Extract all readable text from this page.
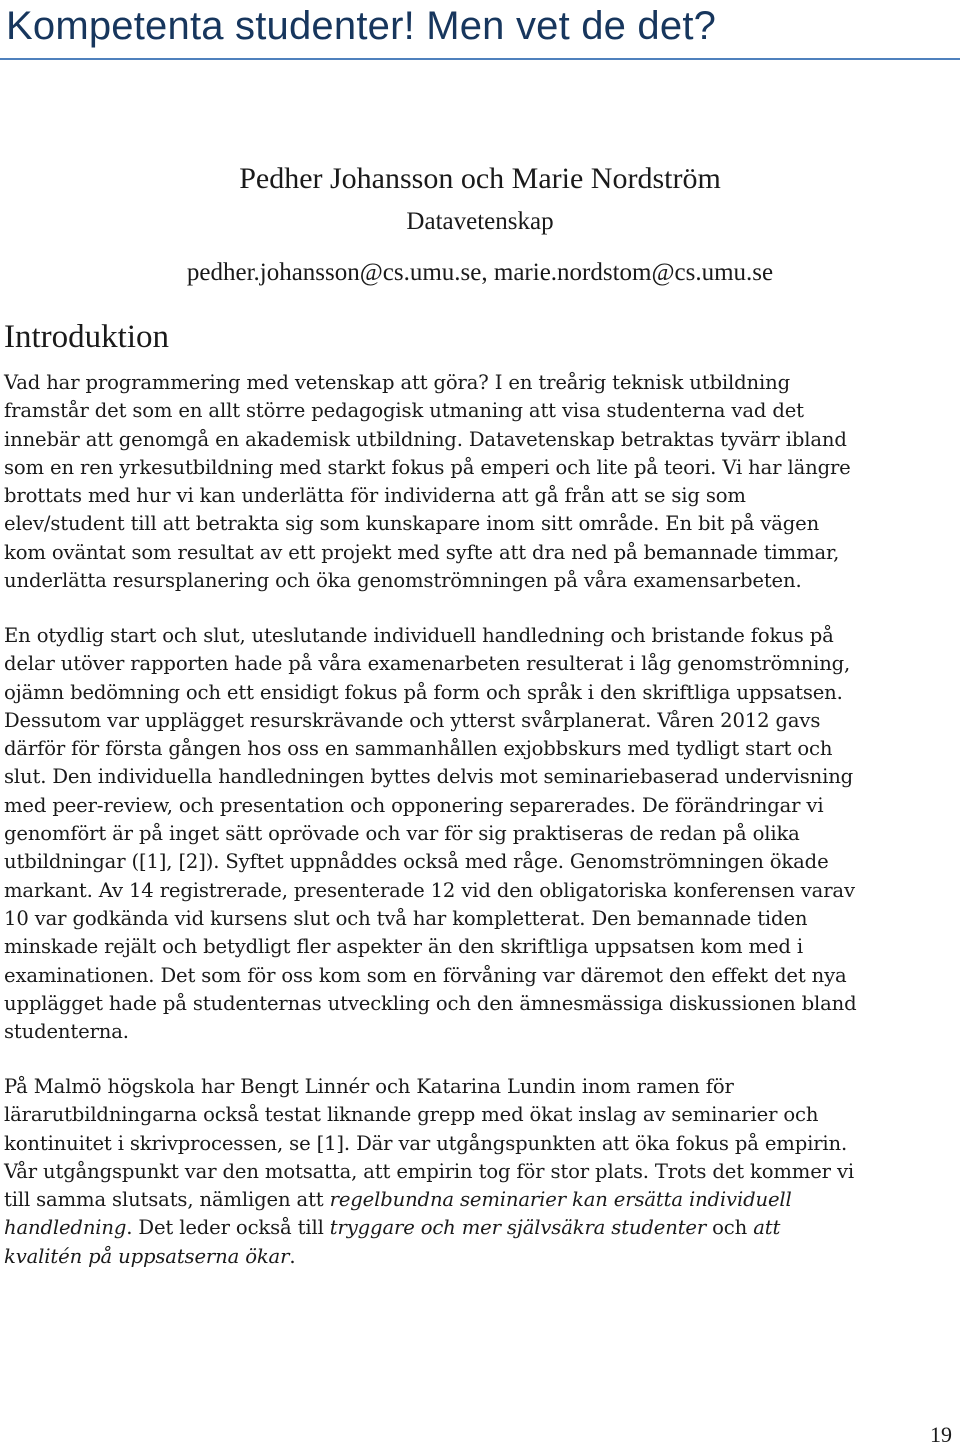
Kompetenta studenter! Men vet de det?

Pedher Johansson och Marie Nordström

Datavetenskap

pedher.johansson@cs.umu.se, marie.nordstom@cs.umu.se

Introduktion
Vad har programmering med vetenskap att göra? I en treårig teknisk utbildning
framstår det som en allt större pedagogisk utmaning att visa studenterna vad det
innebär att genomgå en akademisk utbildning. Datavetenskap betraktas tyvärr ibland
som en ren yrkesutbildning med starkt fokus på emperi och lite på teori. Vi har längre
brottats med hur vi kan underlätta för individerna att gå från att se sig som
elev/student till att betrakta sig som kunskapare inom sitt område. En bit på vägen
kom oväntat som resultat av ett projekt med syfte att dra ned på bemannade timmar,
underlätta resursplanering och öka genomströmningen på våra examensarbeten.
En otydlig start och slut, uteslutande individuell handledning och bristande fokus på
delar utöver rapporten hade på våra examenarbeten resulterat i låg genomströmning,
ojämn bedömning och ett ensidigt fokus på form och språk i den skriftliga uppsatsen.
Dessutom var upplägget resurskrävande och ytterst svårplanerat. Våren 2012 gavs
därför för första gången hos oss en sammanhållen exjobbskurs med tydligt start och
slut. Den individuella handledningen byttes delvis mot seminariebaserad undervisning
med peer-review, och presentation och opponering separerades. De förändringar vi
genomfört är på inget sätt oprövade och var för sig praktiseras de redan på olika
utbildningar ([1], [2]). Syftet uppnåddes också med råge. Genomströmningen ökade
markant. Av 14 registrerade, presenterade 12 vid den obligatoriska konferensen varav
10 var godkända vid kursens slut och två har kompletterat. Den bemannade tiden
minskade rejält och betydligt fler aspekter än den skriftliga uppsatsen kom med i
examinationen. Det som för oss kom som en förvåning var däremot den effekt det nya
upplägget hade på studenternas utveckling och den ämnesmässiga diskussionen bland
studenterna.
På Malmö högskola har Bengt Linnér och Katarina Lundin inom ramen för
lärarutbildningarna också testat liknande grepp med ökat inslag av seminarier och
kontinuitet i skrivprocessen, se [1]. Där var utgångspunkten att öka fokus på empirin.
Vår utgångspunkt var den motsatta, att empirin tog för stor plats. Trots det kommer vi
till samma slutsats, nämligen att regelbundna seminarier kan ersätta individuell
handledning. Det leder också till tryggare och mer självsäkra studenter och att
kvalitén på uppsatserna ökar.
19
